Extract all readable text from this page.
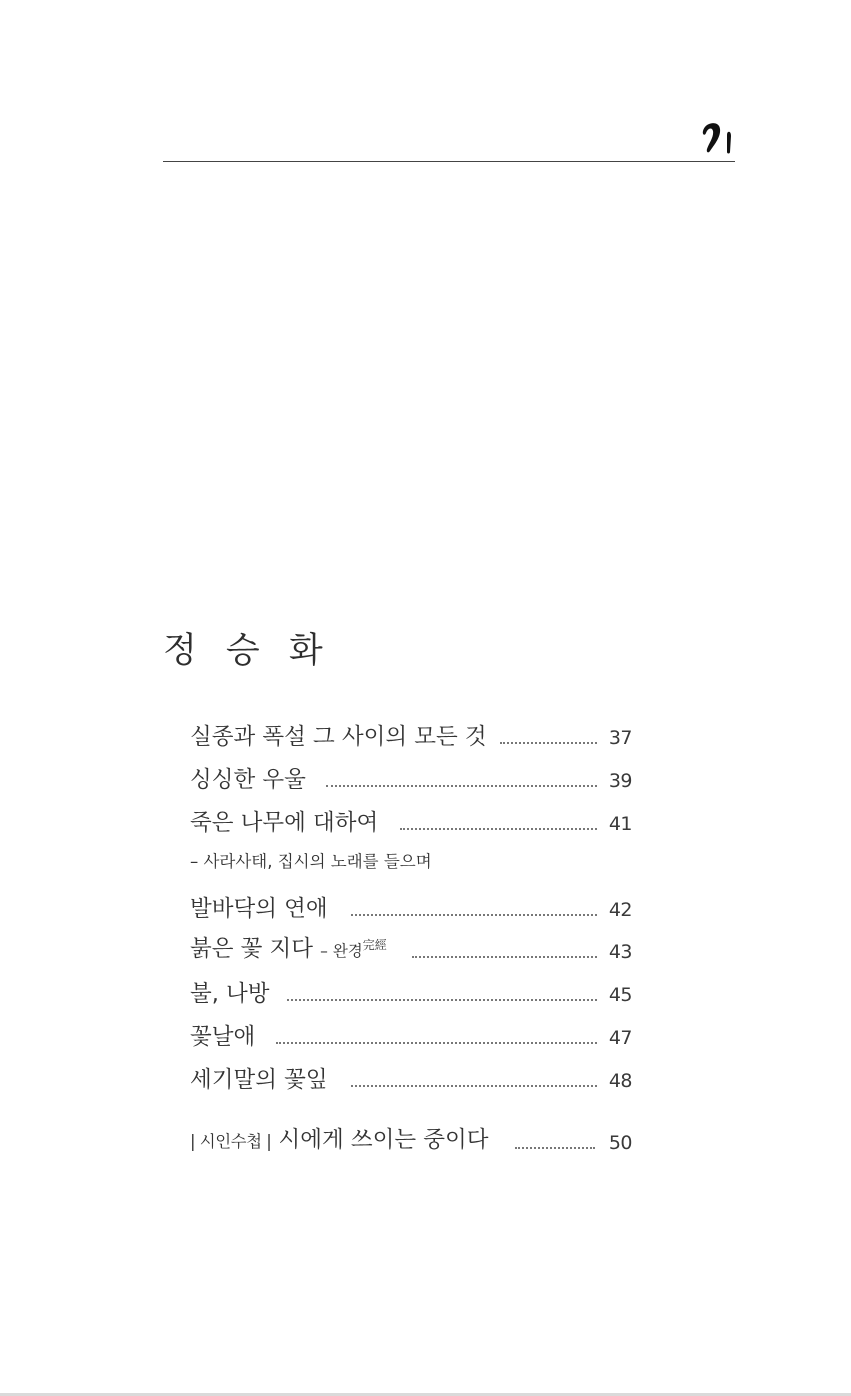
정 승 화
실종과 폭설 그 사이의 모든 것	37
싱싱한 우울	39
죽은 나무에 대하여	41
– 사라사태, 집시의 노래를 들으며
발바닥의 연애	42
붉은 꽃 지다 – 완경$^{完經}$	43
불, 나방	45
꽃날애	47
세기말의 꽃잎	48
| 시인수첩 | 시에게 쓰이는 중이다	50
